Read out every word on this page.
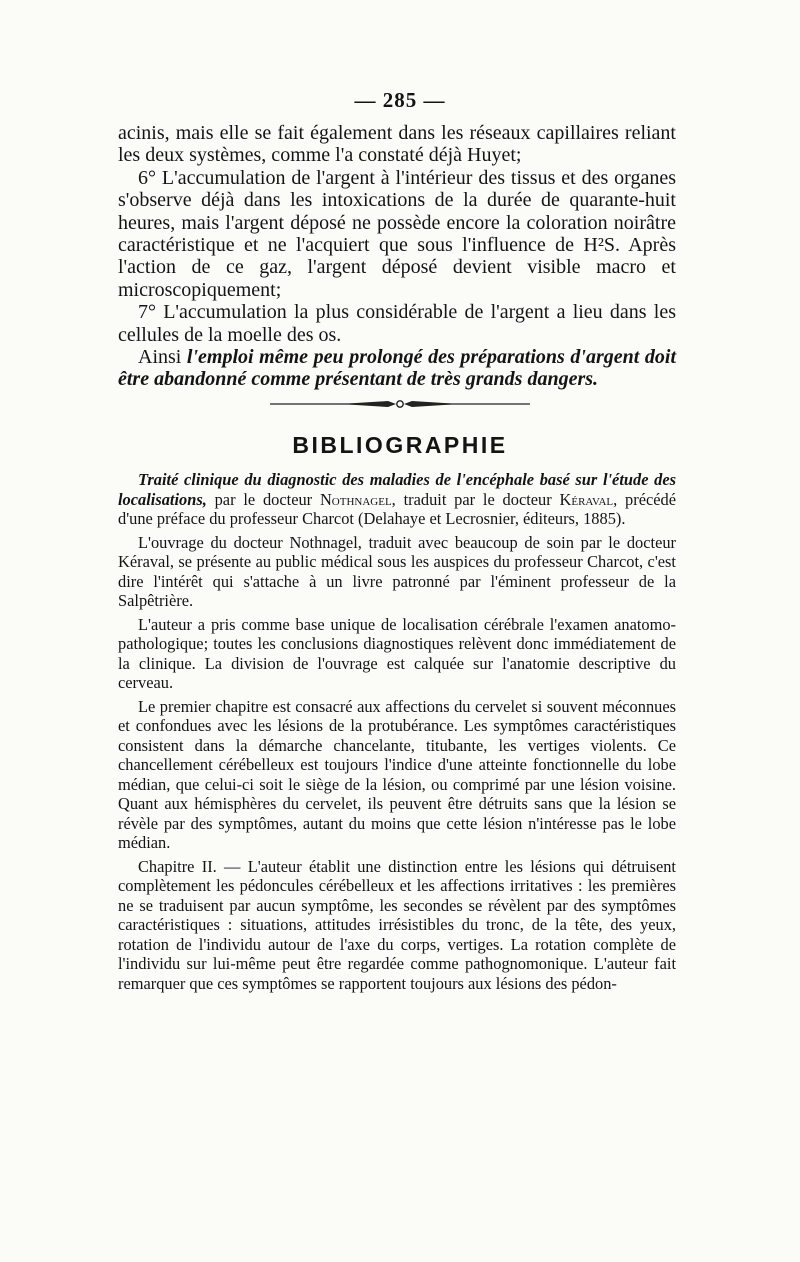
— 285 —

acinis, mais elle se fait également dans les réseaux capillaires reliant les deux systèmes, comme l'a constaté déjà Huyet;

6° L'accumulation de l'argent à l'intérieur des tissus et des organes s'observe déjà dans les intoxications de la durée de quarante-huit heures, mais l'argent déposé ne possède encore la coloration noirâtre caractéristique et ne l'acquiert que sous l'influence de H²S. Après l'action de ce gaz, l'argent déposé devient visible macro et microscopiquement;

7° L'accumulation la plus considérable de l'argent a lieu dans les cellules de la moelle des os.

Ainsi l'emploi même peu prolongé des préparations d'argent doit être abandonné comme présentant de très grands dangers.

BIBLIOGRAPHIE

Traité clinique du diagnostic des maladies de l'encéphale basé sur l'étude des localisations, par le docteur Nothnagel, traduit par le docteur Kéraval, précédé d'une préface du professeur Charcot (Delahaye et Lecrosnier, éditeurs, 1885).

L'ouvrage du docteur Nothnagel, traduit avec beaucoup de soin par le docteur Kéraval, se présente au public médical sous les auspices du professeur Charcot, c'est dire l'intérêt qui s'attache à un livre patronné par l'éminent professeur de la Salpêtrière.

L'auteur a pris comme base unique de localisation cérébrale l'examen anatomo-pathologique; toutes les conclusions diagnostiques relèvent donc immédiatement de la clinique. La division de l'ouvrage est calquée sur l'anatomie descriptive du cerveau.

Le premier chapitre est consacré aux affections du cervelet si souvent méconnues et confondues avec les lésions de la protubérance. Les symptômes caractéristiques consistent dans la démarche chancelante, titubante, les vertiges violents. Ce chancellement cérébelleux est toujours l'indice d'une atteinte fonctionnelle du lobe médian, que celui-ci soit le siège de la lésion, ou comprimé par une lésion voisine. Quant aux hémisphères du cervelet, ils peuvent être détruits sans que la lésion se révèle par des symptômes, autant du moins que cette lésion n'intéresse pas le lobe médian.

Chapitre II. — L'auteur établit une distinction entre les lésions qui détruisent complètement les pédoncules cérébelleux et les affections irritatives : les premières ne se traduisent par aucun symptôme, les secondes se révèlent par des symptômes caractéristiques : situations, attitudes irrésistibles du tronc, de la tête, des yeux, rotation de l'individu autour de l'axe du corps, vertiges. La rotation complète de l'individu sur lui-même peut être regardée comme pathognomonique. L'auteur fait remarquer que ces symptômes se rapportent toujours aux lésions des pédon-
